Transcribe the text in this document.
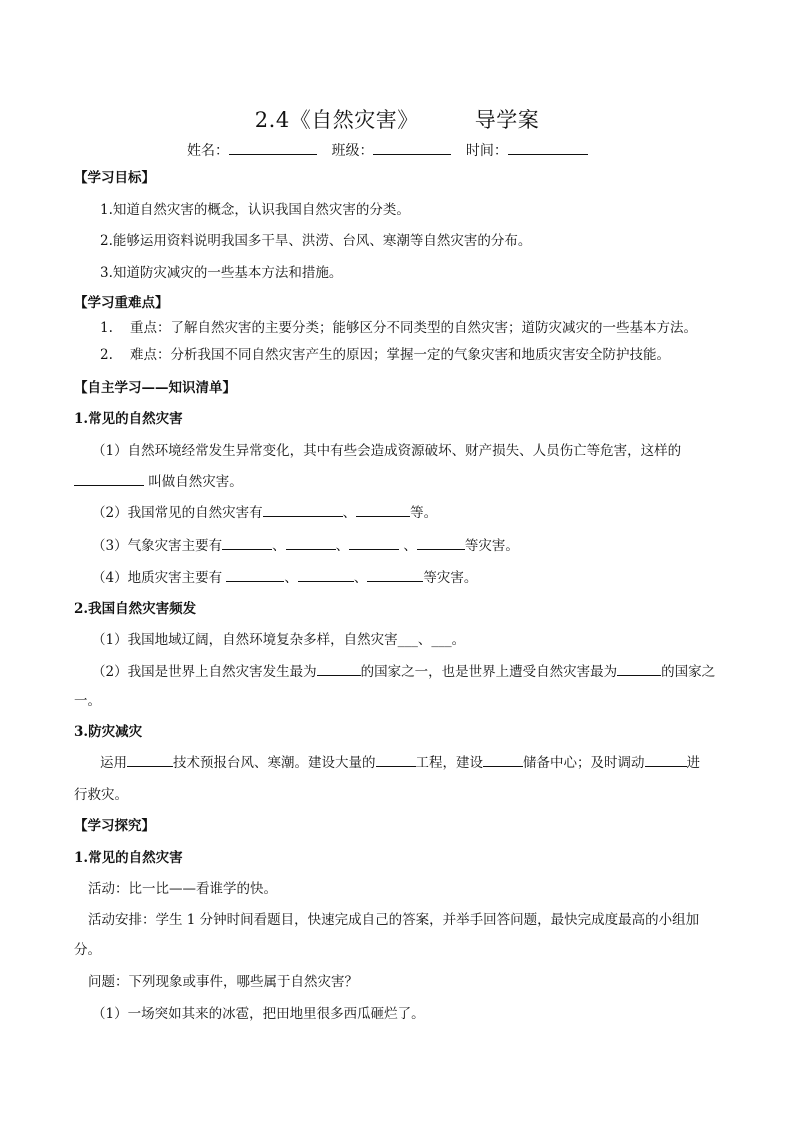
2.4《自然灾害》	导学案
姓名：	班级：	时间：
【学习目标】
1.知道自然灾害的概念，认识我国自然灾害的分类。
2.能够运用资料说明我国多干旱、洪涝、台风、寒潮等自然灾害的分布。
3.知道防灾减灾的一些基本方法和措施。
【学习重难点】
1.    重点：了解自然灾害的主要分类；能够区分不同类型的自然灾害；道防灾减灾的一些基本方法。
2.    难点：分析我国不同自然灾害产生的原因；掌握一定的气象灾害和地质灾害安全防护技能。
【自主学习——知识清单】
1.常见的自然灾害
（1）自然环境经常发生异常变化，其中有些会造成资源破坏、财产损失、人员伤亡等危害，这样的
叫做自然灾害。
（2）我国常见的自然灾害有	、	等。
（3）气象灾害主要有	、	、	、	等灾害。
（4）地质灾害主要有	、	、	等灾害。
2.我国自然灾害频发
（1）我国地域辽阔，自然环境复杂多样，自然灾害___、___。
（2）我国是世界上自然灾害发生最为	的国家之一，也是世界上遭受自然灾害最为	的国家之
一。
3.防灾减灾
运用	技术预报台风、寒潮。建设大量的	工程，建设	储备中心；及时调动	进
行救灾。
【学习探究】
1.常见的自然灾害
活动：比一比——看谁学的快。
活动安排：学生 1 分钟时间看题目，快速完成自己的答案，并举手回答问题，最快完成度最高的小组加
分。
问题：下列现象或事件，哪些属于自然灾害？
（1）一场突如其来的冰雹，把田地里很多西瓜砸烂了。
